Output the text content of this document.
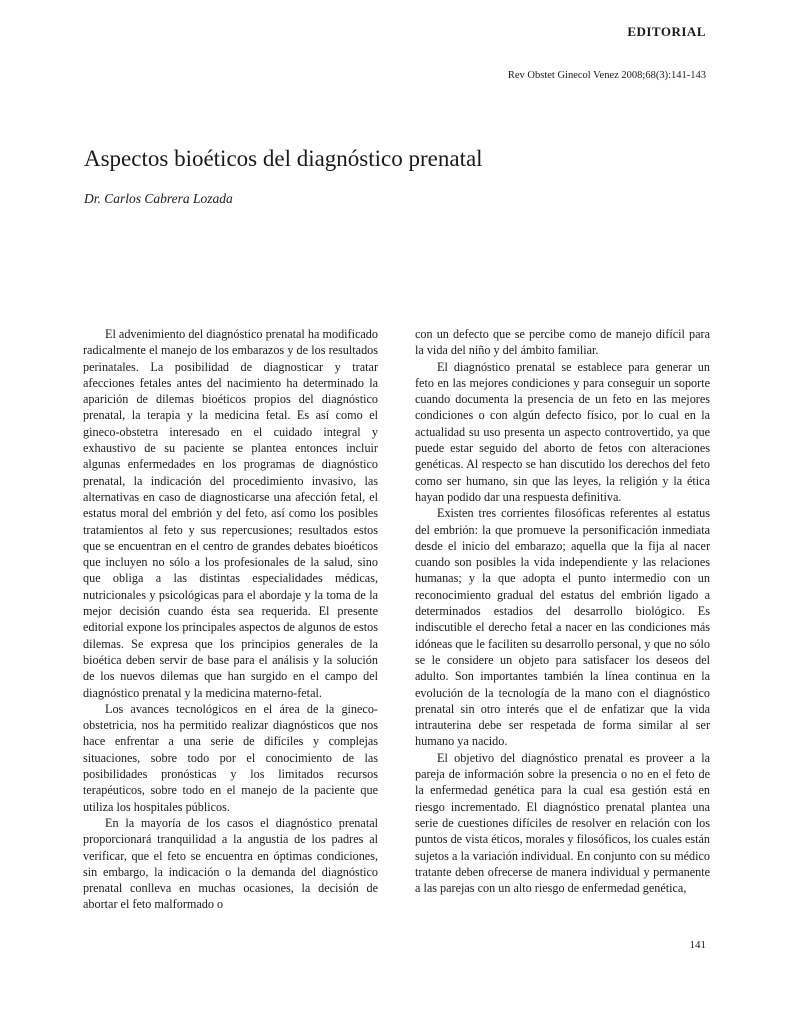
EDITORIAL
Rev Obstet Ginecol Venez 2008;68(3):141-143
Aspectos bioéticos del diagnóstico prenatal
Dr. Carlos Cabrera Lozada

El advenimiento del diagnóstico prenatal ha modificado radicalmente el manejo de los embarazos y de los resultados perinatales. La posibilidad de diagnosticar y tratar afecciones fetales antes del nacimiento ha determinado la aparición de dilemas bioéticos propios del diagnóstico prenatal, la terapia y la medicina fetal. Es así como el gineco-obstetra interesado en el cuidado integral y exhaustivo de su paciente se plantea entonces incluir algunas enfermedades en los programas de diagnóstico prenatal, la indicación del procedimiento invasivo, las alternativas en caso de diagnosticarse una afección fetal, el estatus moral del embrión y del feto, así como los posibles tratamientos al feto y sus repercusiones; resultados estos que se encuentran en el centro de grandes debates bioéticos que incluyen no sólo a los profesionales de la salud, sino que obliga a las distintas especialidades médicas, nutricionales y psicológicas para el abordaje y la toma de la mejor decisión cuando ésta sea requerida. El presente editorial expone los principales aspectos de algunos de estos dilemas. Se expresa que los principios generales de la bioética deben servir de base para el análisis y la solución de los nuevos dilemas que han surgido en el campo del diagnóstico prenatal y la medicina materno-fetal.

Los avances tecnológicos en el área de la gineco-obstetricia, nos ha permitido realizar diagnósticos que nos hace enfrentar a una serie de difíciles y complejas situaciones, sobre todo por el conocimiento de las posibilidades pronósticas y los limitados recursos terapéuticos, sobre todo en el manejo de la paciente que utiliza los hospitales públicos.

En la mayoría de los casos el diagnóstico prenatal proporcionará tranquilidad a la angustia de los padres al verificar, que el feto se encuentra en óptimas condiciones, sin embargo, la indicación o la demanda del diagnóstico prenatal conlleva en muchas ocasiones, la decisión de abortar el feto malformado o

con un defecto que se percibe como de manejo difícil para la vida del niño y del ámbito familiar.

El diagnóstico prenatal se establece para generar un feto en las mejores condiciones y para conseguir un soporte cuando documenta la presencia de un feto en las mejores condiciones o con algún defecto físico, por lo cual en la actualidad su uso presenta un aspecto controvertido, ya que puede estar seguido del aborto de fetos con alteraciones genéticas. Al respecto se han discutido los derechos del feto como ser humano, sin que las leyes, la religión y la ética hayan podido dar una respuesta definitiva.

Existen tres corrientes filosóficas referentes al estatus del embrión: la que promueve la personificación inmediata desde el inicio del embarazo; aquella que la fija al nacer cuando son posibles la vida independiente y las relaciones humanas; y la que adopta el punto intermedio con un reconocimiento gradual del estatus del embrión ligado a determinados estadios del desarrollo biológico. Es indiscutible el derecho fetal a nacer en las condiciones más idóneas que le faciliten su desarrollo personal, y que no sólo se le considere un objeto para satisfacer los deseos del adulto. Son importantes también la línea continua en la evolución de la tecnología de la mano con el diagnóstico prenatal sin otro interés que el de enfatizar que la vida intrauterina debe ser respetada de forma similar al ser humano ya nacido.

El objetivo del diagnóstico prenatal es proveer a la pareja de información sobre la presencia o no en el feto de la enfermedad genética para la cual esa gestión está en riesgo incrementado. El diagnóstico prenatal plantea una serie de cuestiones difíciles de resolver en relación con los puntos de vista éticos, morales y filosóficos, los cuales están sujetos a la variación individual. En conjunto con su médico tratante deben ofrecerse de manera individual y permanente a las parejas con un alto riesgo de enfermedad genética,

141
